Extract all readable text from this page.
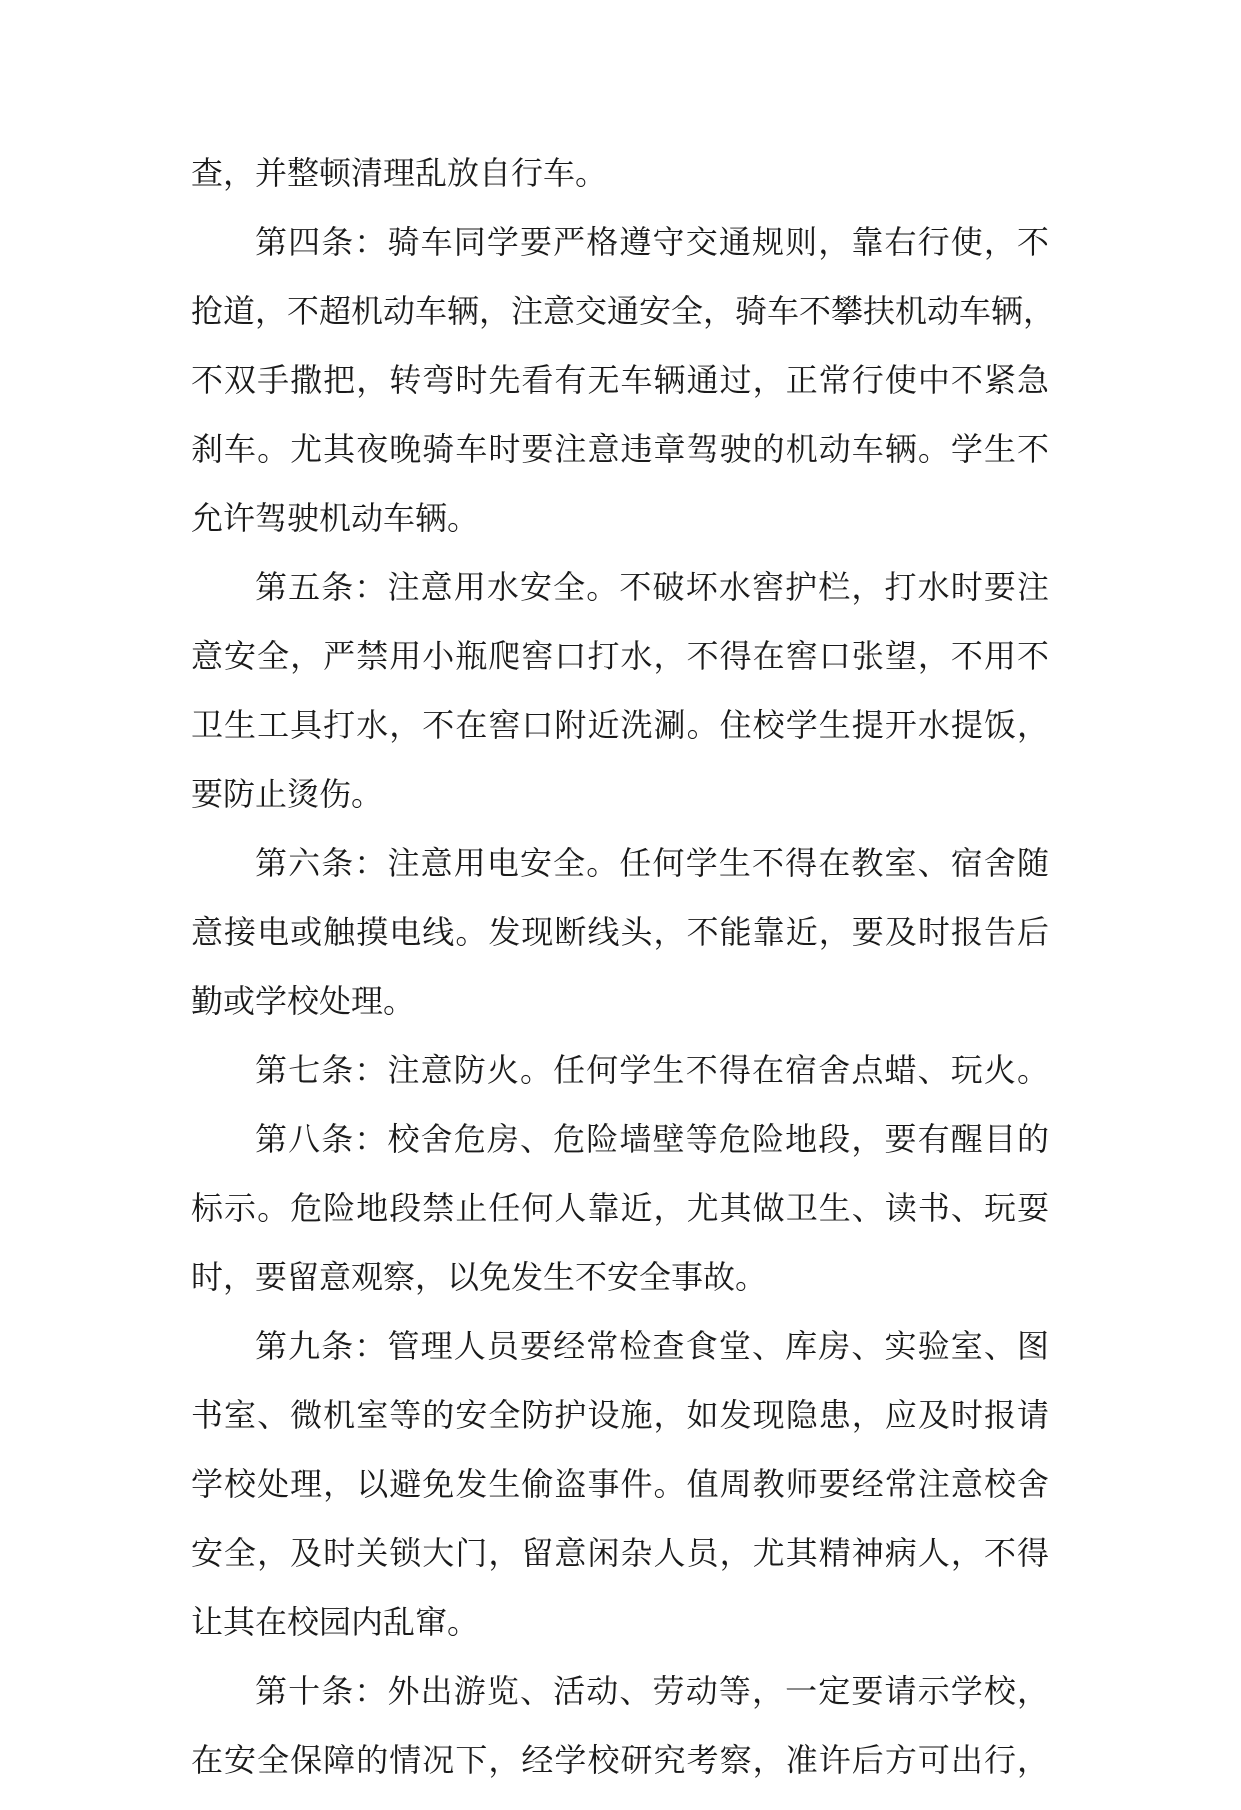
查，并整顿清理乱放自行车。
第四条：骑车同学要严格遵守交通规则，靠右行使，不
抢道，不超机动车辆，注意交通安全，骑车不攀扶机动车辆，
不双手撒把，转弯时先看有无车辆通过，正常行使中不紧急
刹车。尤其夜晚骑车时要注意违章驾驶的机动车辆。学生不
允许驾驶机动车辆。
第五条：注意用水安全。不破坏水窖护栏，打水时要注
意安全，严禁用小瓶爬窖口打水，不得在窖口张望，不用不
卫生工具打水，不在窖口附近洗涮。住校学生提开水提饭，
要防止烫伤。
第六条：注意用电安全。任何学生不得在教室、宿舍随
意接电或触摸电线。发现断线头，不能靠近，要及时报告后
勤或学校处理。
第七条：注意防火。任何学生不得在宿舍点蜡、玩火。
第八条：校舍危房、危险墙壁等危险地段，要有醒目的
标示。危险地段禁止任何人靠近，尤其做卫生、读书、玩耍
时，要留意观察，以免发生不安全事故。
第九条：管理人员要经常检查食堂、库房、实验室、图
书室、微机室等的安全防护设施，如发现隐患，应及时报请
学校处理，以避免发生偷盗事件。值周教师要经常注意校舍
安全，及时关锁大门，留意闲杂人员，尤其精神病人，不得
让其在校园内乱窜。
第十条：外出游览、活动、劳动等，一定要请示学校，
在安全保障的情况下，经学校研究考察，准许后方可出行，
